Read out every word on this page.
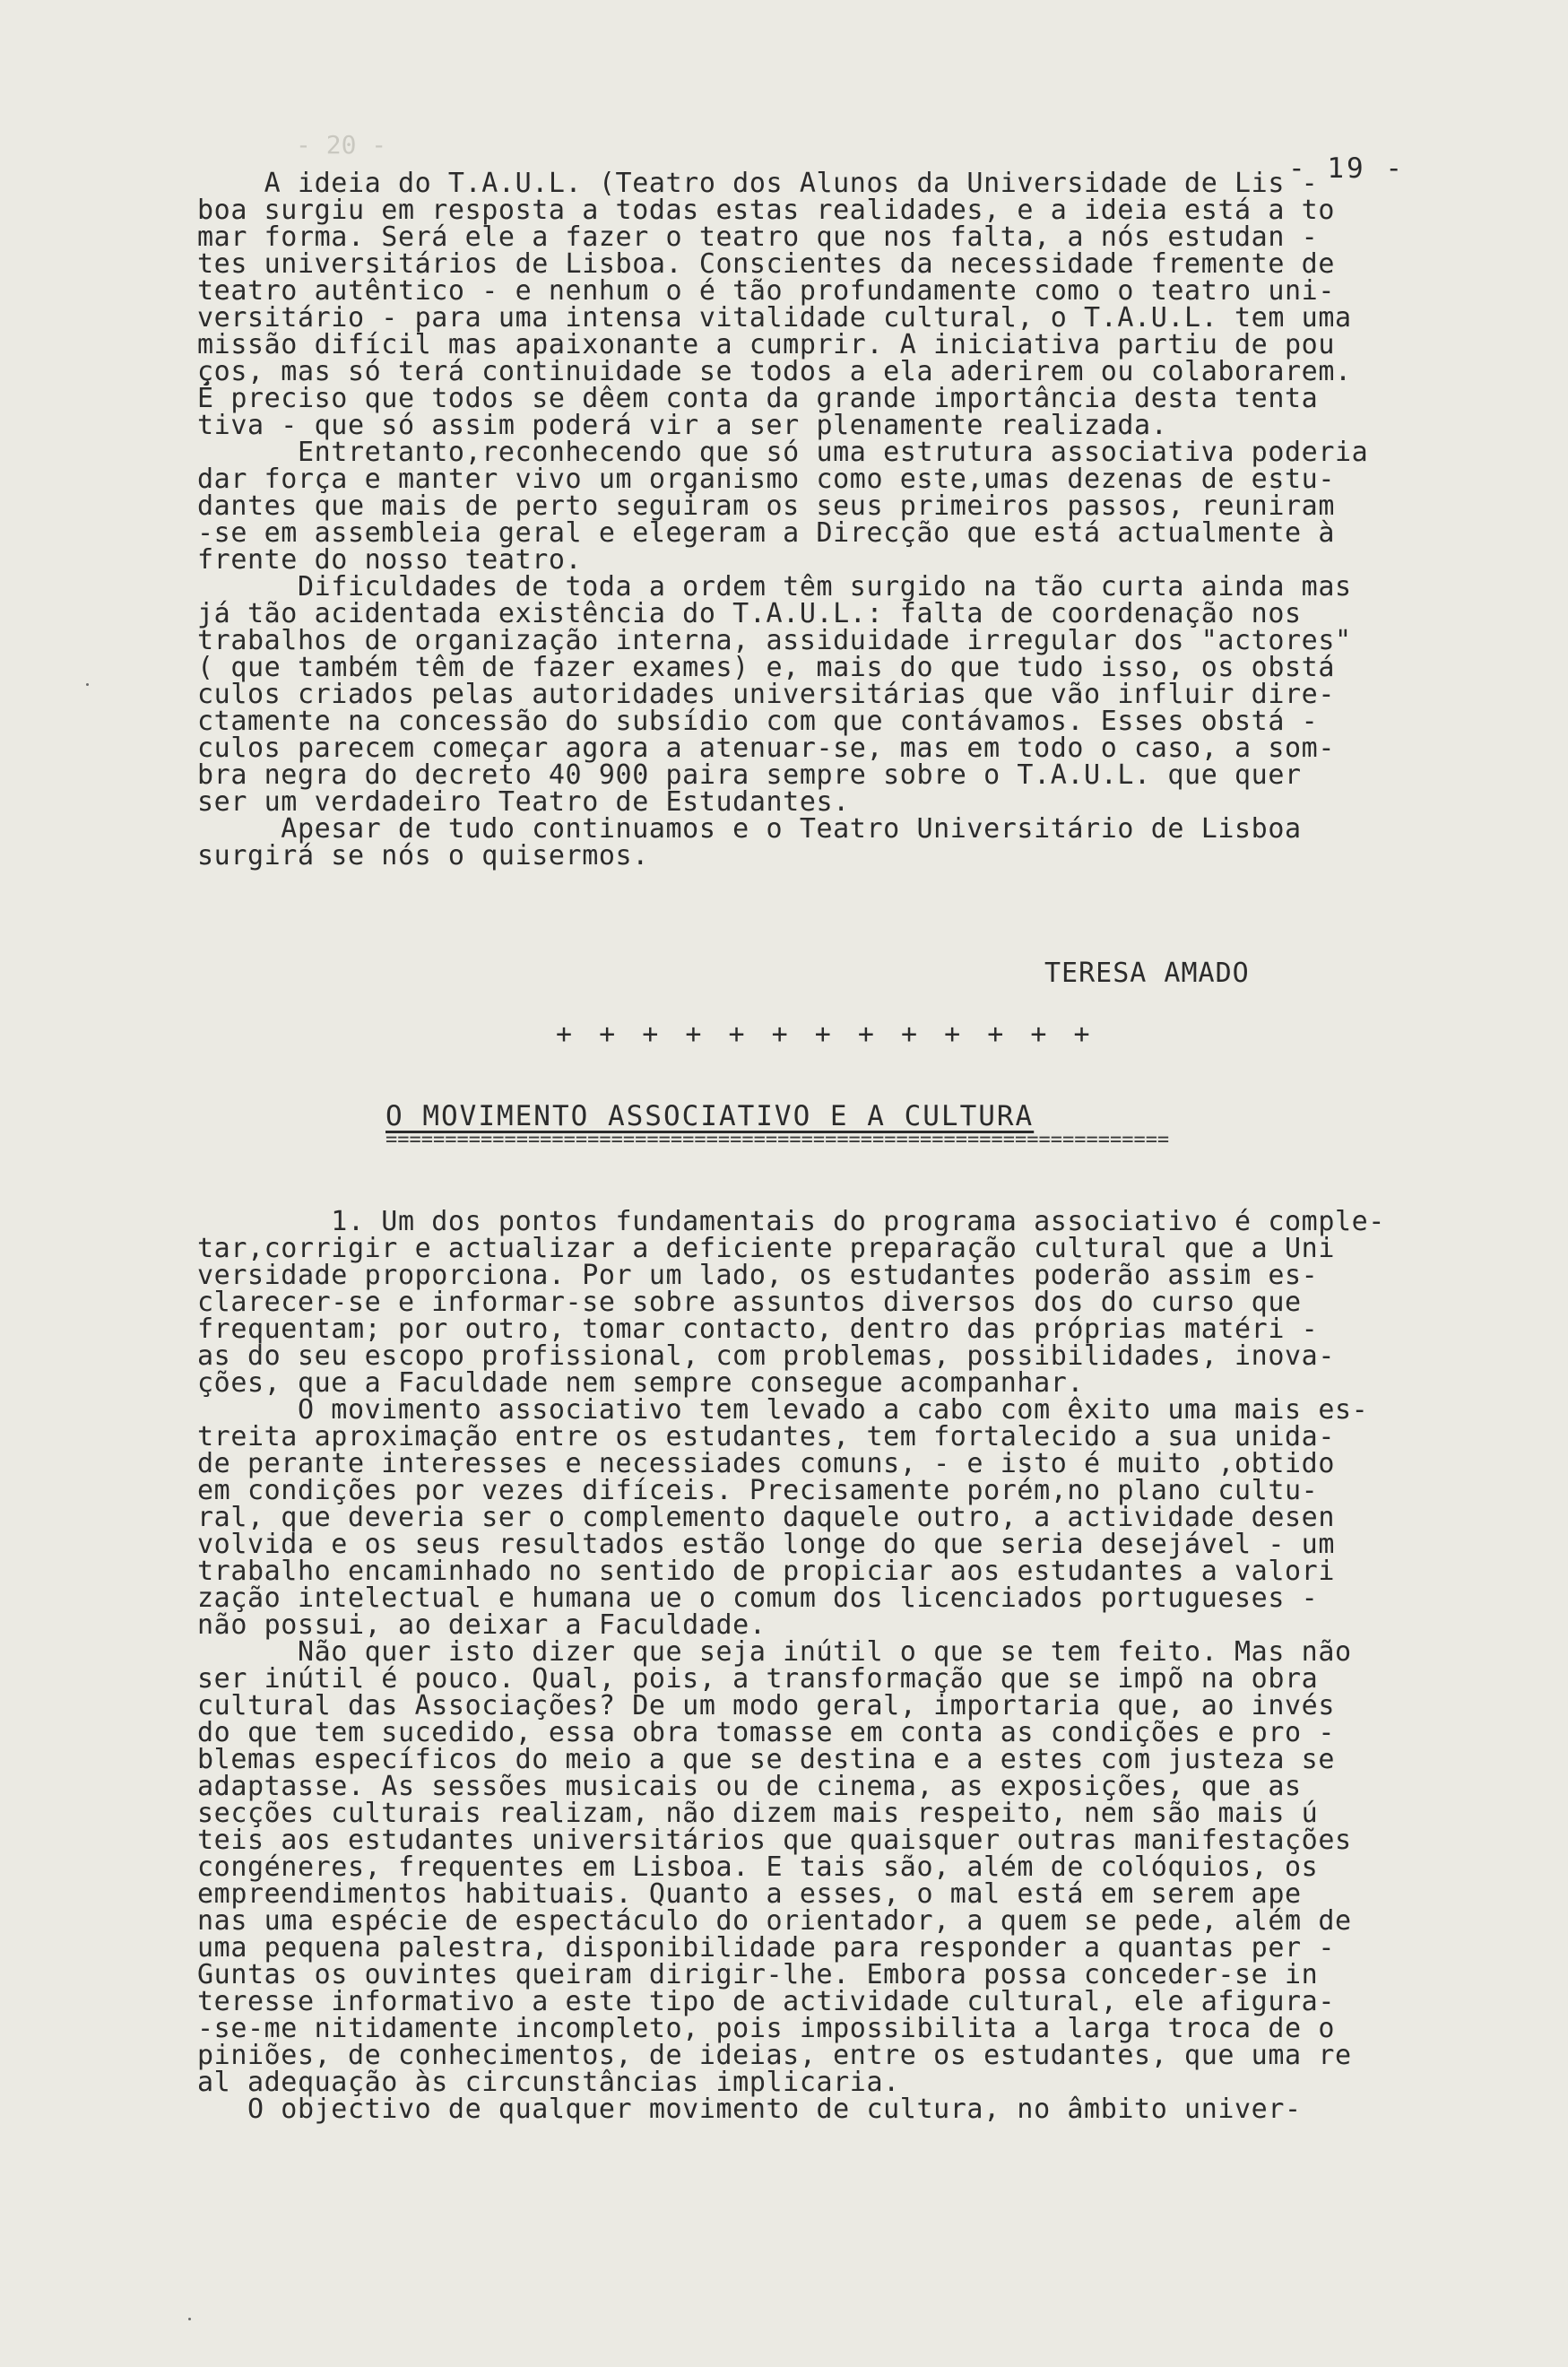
- 20 -
- 19 -
A ideia do T.A.U.L. (Teatro dos Alunos da Universidade de Lis -
boa surgiu em resposta a todas estas realidades, e a ideia está a to
mar forma. Será ele a fazer o teatro que nos falta, a nós estudan -
tes universitários de Lisboa. Conscientes da necessidade fremente de
teatro autêntico - e nenhum o é tão profundamente como o teatro uni-
versitário - para uma intensa vitalidade cultural, o T.A.U.L. tem uma
missão difícil mas apaixonante a cumprir. A iniciativa partiu de pou
ços, mas só terá continuidade se todos a ela aderirem ou colaborarem.
É preciso que todos se dêem conta da grande importância desta tenta
tiva - que só assim poderá vir a ser plenamente realizada.
Entretanto,reconhecendo que só uma estrutura associativa poderia
dar força e manter vivo um organismo como este,umas dezenas de estu-
dantes que mais de perto seguiram os seus primeiros passos, reuniram
-se em assembleia geral e elegeram a Direcção que está actualmente à
frente do nosso teatro.
Dificuldades de toda a ordem têm surgido na tão curta ainda mas
já tão acidentada existência do T.A.U.L.: falta de coordenação nos
trabalhos de organização interna, assiduidade irregular dos "actores"
( que também têm de fazer exames) e, mais do que tudo isso, os obstá
culos criados pelas autoridades universitárias que vão influir dire-
ctamente na concessão do subsídio com que contávamos. Esses obstá -
culos parecem começar agora a atenuar-se, mas em todo o caso, a som-
bra negra do decreto 40 900 paira sempre sobre o T.A.U.L. que quer
ser um verdadeiro Teatro de Estudantes.
Apesar de tudo continuamos e o Teatro Universitário de Lisboa
surgirá se nós o quisermos.
TERESA AMADO
+ + + + + + + + + + + + +
O MOVIMENTO ASSOCIATIVO E A CULTURA
==================================================================
1. Um dos pontos fundamentais do programa associativo é comple-
tar,corrigir e actualizar a deficiente preparação cultural que a Uni
versidade proporciona. Por um lado, os estudantes poderão assim es-
clarecer-se e informar-se sobre assuntos diversos dos do curso que
frequentam; por outro, tomar contacto, dentro das próprias matéri -
as do seu escopo profissional, com problemas, possibilidades, inova-
ções, que a Faculdade nem sempre consegue acompanhar.
O movimento associativo tem levado a cabo com êxito uma mais es-
treita aproximação entre os estudantes, tem fortalecido a sua unida-
de perante interesses e necessiades comuns, - e isto é muito ,obtido
em condições por vezes difíceis. Precisamente porém,no plano cultu-
ral, que deveria ser o complemento daquele outro, a actividade desen
volvida e os seus resultados estão longe do que seria desejável - um
trabalho encaminhado no sentido de propiciar aos estudantes a valori
zação intelectual e humana ue o comum dos licenciados portugueses -
não possui, ao deixar a Faculdade.
Não quer isto dizer que seja inútil o que se tem feito. Mas não
ser inútil é pouco. Qual, pois, a transformação que se impõ na obra
cultural das Associações? De um modo geral, importaria que, ao invés
do que tem sucedido, essa obra tomasse em conta as condições e pro -
blemas específicos do meio a que se destina e a estes com justeza se
adaptasse. As sessões musicais ou de cinema, as exposições, que as
secções culturais realizam, não dizem mais respeito, nem são mais ú
teis aos estudantes universitários que quaisquer outras manifestações
congéneres, frequentes em Lisboa. E tais são, além de colóquios, os
empreendimentos habituais. Quanto a esses, o mal está em serem ape
nas uma espécie de espectáculo do orientador, a quem se pede, além de
uma pequena palestra, disponibilidade para responder a quantas per -
Guntas os ouvintes queiram dirigir-lhe. Embora possa conceder-se in
teresse informativo a este tipo de actividade cultural, ele afigura-
-se-me nitidamente incompleto, pois impossibilita a larga troca de o
piniões, de conhecimentos, de ideias, entre os estudantes, que uma re
al adequação às circunstâncias implicaria.
O objectivo de qualquer movimento de cultura, no âmbito univer-
